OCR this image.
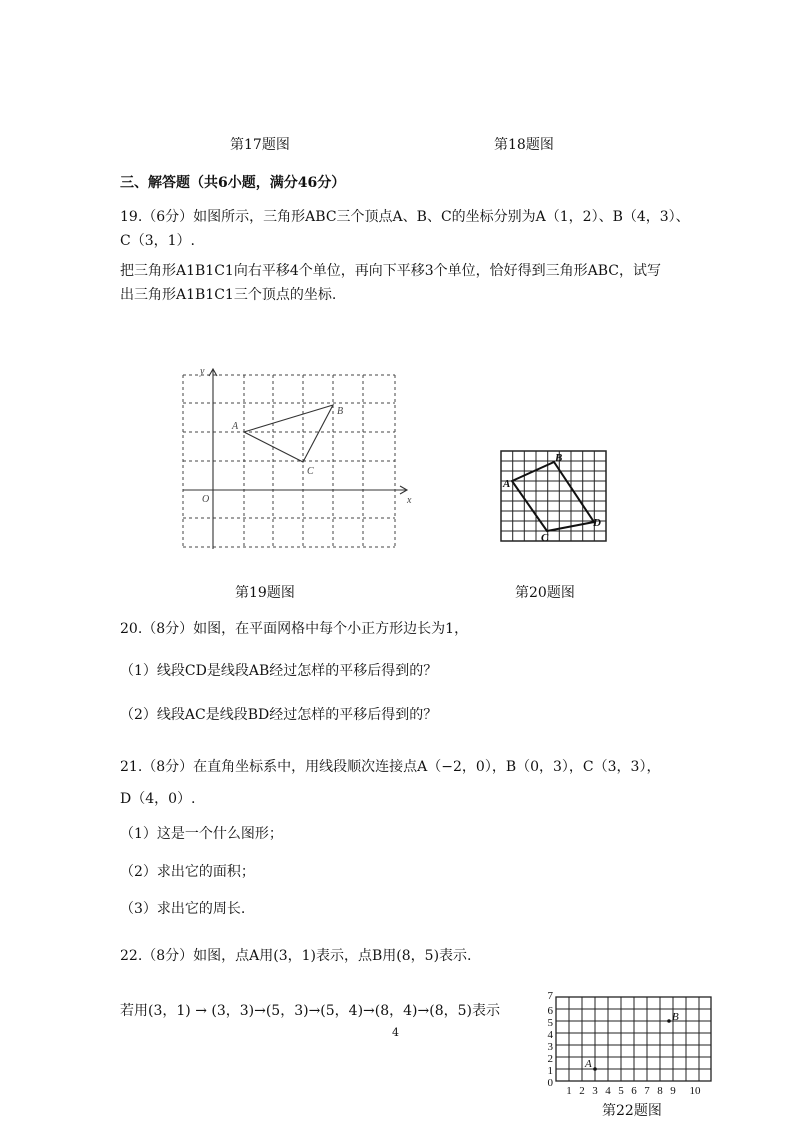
第17题图	第18题图
三、解答题（共6小题，满分46分）
19.（6分）如图所示，三角形ABC三个顶点A、B、C的坐标分别为A（1，2）、B（4，3）、
C（3，1）.
把三角形A1B1C1向右平移4个单位，再向下平移3个单位，恰好得到三角形ABC，试写
出三角形A1B1C1三个顶点的坐标.
y
x
O
A
B
C
A
B
C
D
第19题图	第20题图
20.（8分）如图，在平面网格中每个小正方形边长为1，
（1）线段CD是线段AB经过怎样的平移后得到的？
（2）线段AC是线段BD经过怎样的平移后得到的？
21.（8分）在直角坐标系中，用线段顺次连接点A（−2，0），B（0，3），C（3，3），
D（4，0）.
（1）这是一个什么图形；
（2）求出它的面积；
（3）求出它的周长.
22.（8分）如图，点A用(3，1)表示，点B用(8，5)表示.
若用(3，1) → (3，3)→(5，3)→(5，4)→(8，4)→(8，5)表示
4
A
B
0
1
2
3
4
5
6
7
1 2 3 4 5 6 7 8 9 10
第22题图
